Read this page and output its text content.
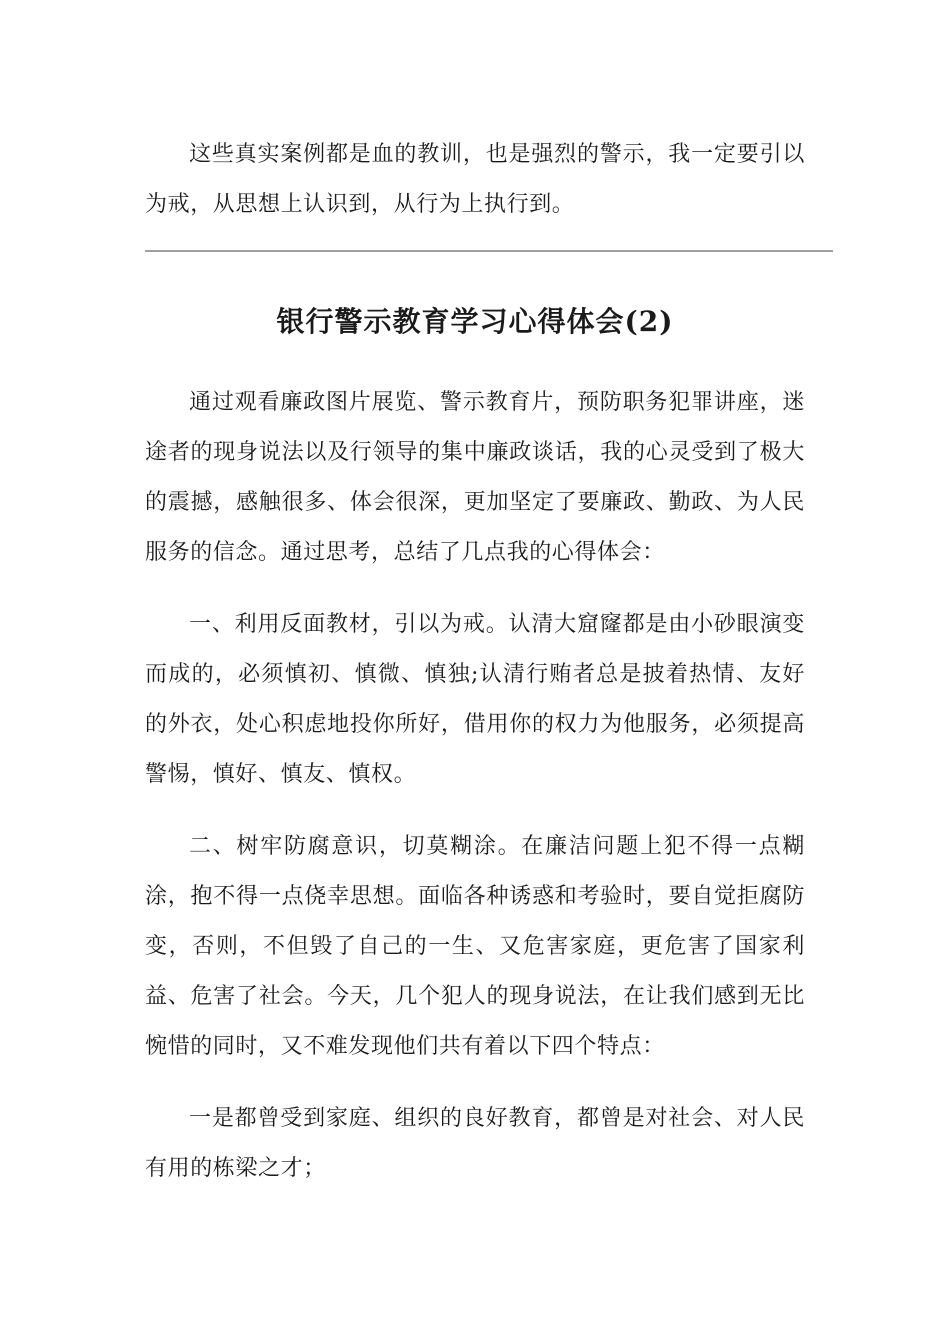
这些真实案例都是血的教训，也是强烈的警示，我一定要引以为戒，从思想上认识到，从行为上执行到。

银行警示教育学习心得体会(2)

通过观看廉政图片展览、警示教育片，预防职务犯罪讲座，迷途者的现身说法以及行领导的集中廉政谈话，我的心灵受到了极大的震撼，感触很多、体会很深，更加坚定了要廉政、勤政、为人民服务的信念。通过思考，总结了几点我的心得体会：

一、利用反面教材，引以为戒。认清大窟窿都是由小砂眼演变而成的，必须慎初、慎微、慎独;认清行贿者总是披着热情、友好的外衣，处心积虑地投你所好，借用你的权力为他服务，必须提高警惕，慎好、慎友、慎权。

二、树牢防腐意识，切莫糊涂。在廉洁问题上犯不得一点糊涂，抱不得一点侥幸思想。面临各种诱惑和考验时，要自觉拒腐防变，否则，不但毁了自己的一生、又危害家庭，更危害了国家利益、危害了社会。今天，几个犯人的现身说法，在让我们感到无比惋惜的同时，又不难发现他们共有着以下四个特点：

一是都曾受到家庭、组织的良好教育，都曾是对社会、对人民有用的栋梁之才；
